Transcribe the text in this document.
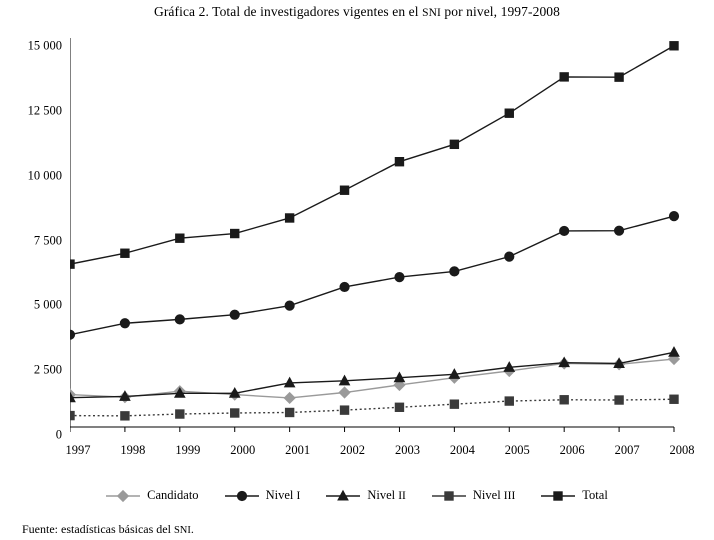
Gráfica 2. Total de investigadores vigentes en el SNI por nivel, 1997-2008
0
2 500
5 000
7 500
10 000
12 500
15 000
1997	1998	1999	2000	2001	2002	2003	2004	2005	2006	2007	2008
Candidato	Nivel I	Nivel II	Nivel III	Total
Fuente: estadísticas básicas del SNI.
